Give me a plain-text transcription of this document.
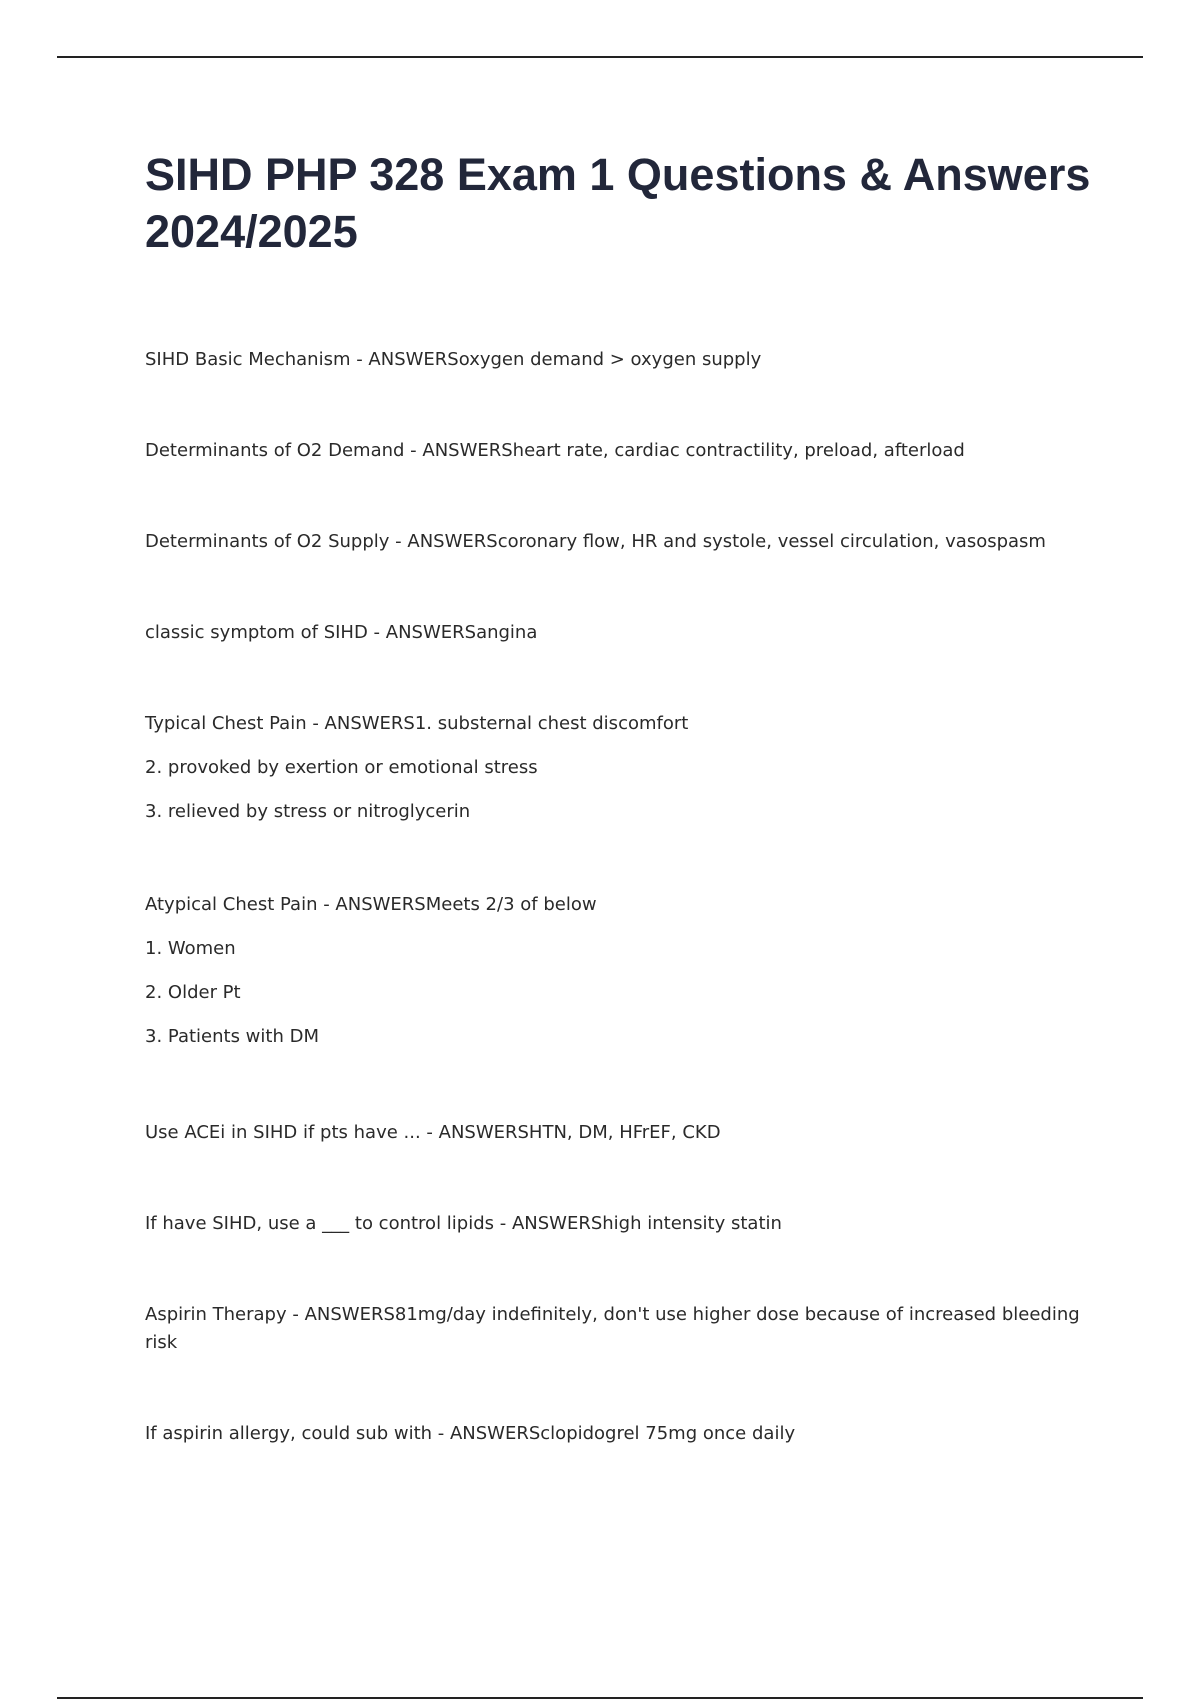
SIHD PHP 328 Exam 1 Questions & Answers 2024/2025
SIHD Basic Mechanism - ANSWERSoxygen demand > oxygen supply
Determinants of O2 Demand - ANSWERSheart rate, cardiac contractility, preload, afterload
Determinants of O2 Supply - ANSWERScoronary flow, HR and systole, vessel circulation, vasospasm
classic symptom of SIHD - ANSWERSangina
Typical Chest Pain - ANSWERS1. substernal chest discomfort
2. provoked by exertion or emotional stress
3. relieved by stress or nitroglycerin
Atypical Chest Pain - ANSWERSMeets 2/3 of below
1. Women
2. Older Pt
3. Patients with DM
Use ACEi in SIHD if pts have ... - ANSWERSHTN, DM, HFrEF, CKD
If have SIHD, use a ___ to control lipids - ANSWERShigh intensity statin
Aspirin Therapy - ANSWERS81mg/day indefinitely, don't use higher dose because of increased bleeding risk
If aspirin allergy, could sub with - ANSWERSclopidogrel 75mg once daily
